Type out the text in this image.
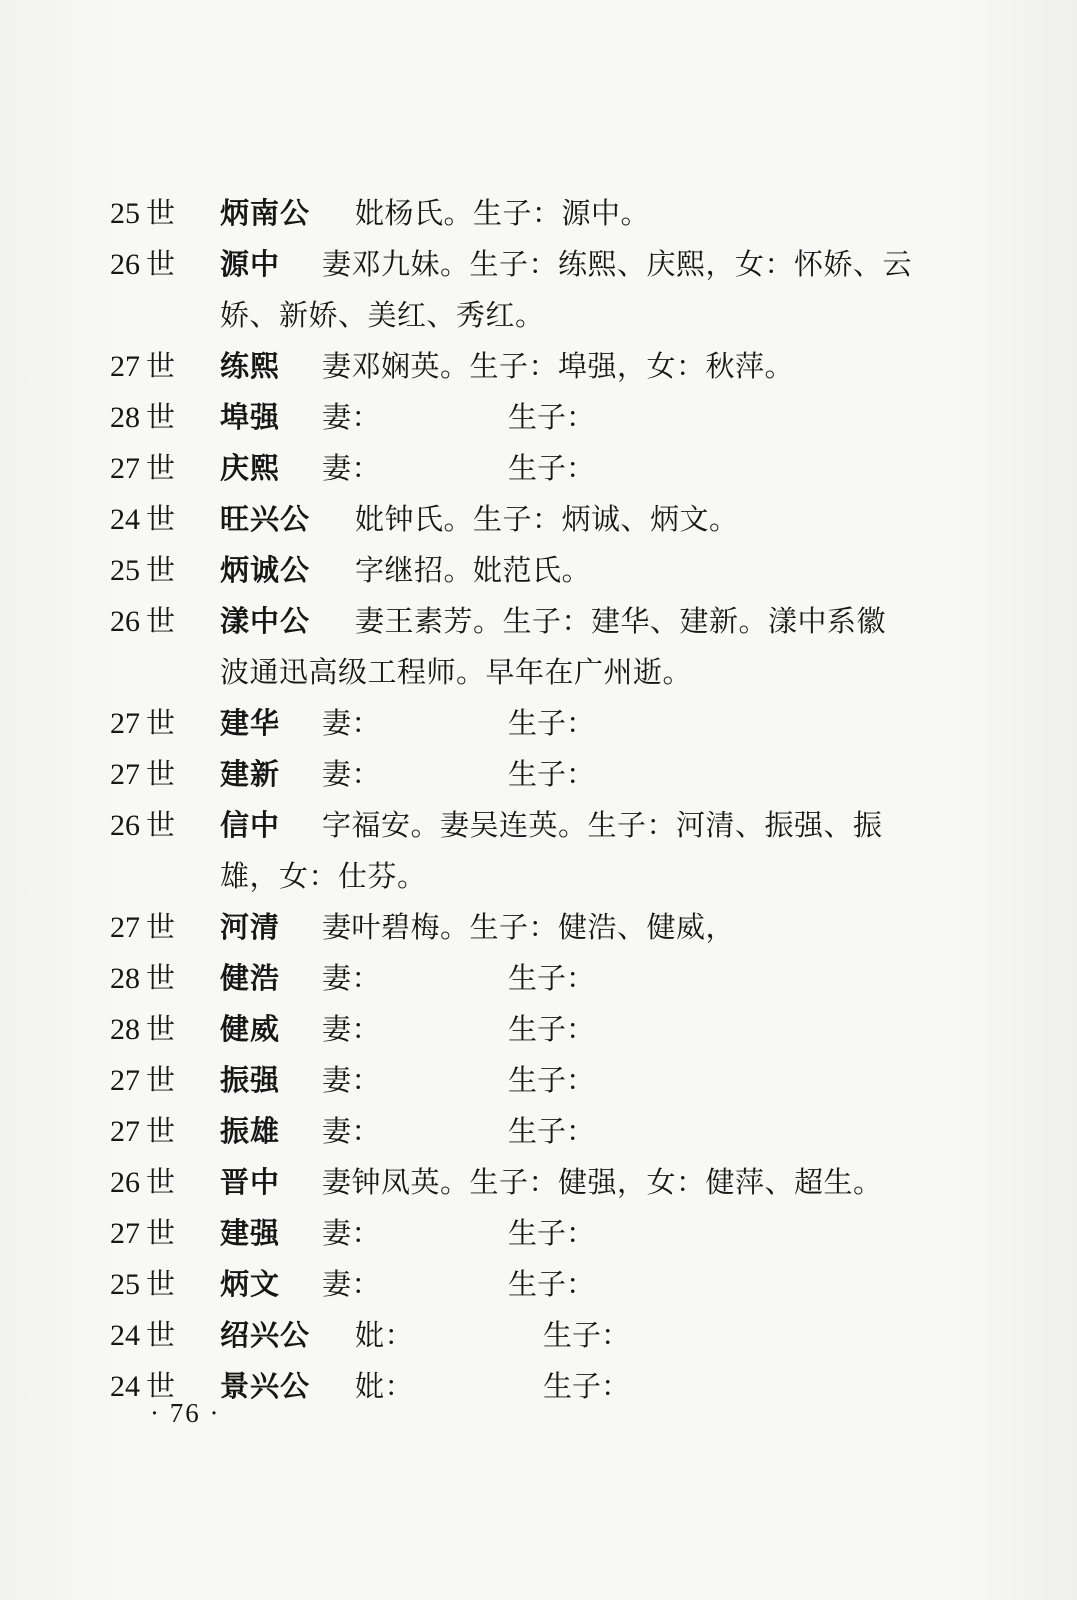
25 世	炳南公 妣杨氏。生子：源中。
26 世	源中 妻邓九妹。生子：练熙、庆熙，女：怀娇、云
娇、新娇、美红、秀红。
27 世	练熙 妻邓娴英。生子：埠强，女：秋萍。
28 世	埠强 妻：	生子：
27 世	庆熙 妻：	生子：
24 世	旺兴公 妣钟氏。生子：炳诚、炳文。
25 世	炳诚公 字继招。妣范氏。
26 世	漾中公 妻王素芳。生子：建华、建新。漾中系徽
波通迅高级工程师。早年在广州逝。
27 世	建华 妻：	生子：
27 世	建新 妻：	生子：
26 世	信中 字福安。妻吴连英。生子：河清、振强、振
雄，女：仕芬。
27 世	河清 妻叶碧梅。生子：健浩、健威，
28 世	健浩 妻：	生子：
28 世	健威 妻：	生子：
27 世	振强 妻：	生子：
27 世	振雄 妻：	生子：
26 世	晋中 妻钟凤英。生子：健强，女：健萍、超生。
27 世	建强 妻：	生子：
25 世	炳文 妻：	生子：
24 世	绍兴公 妣：	生子：
24 世	景兴公 妣：	生子：
· 76 ·
